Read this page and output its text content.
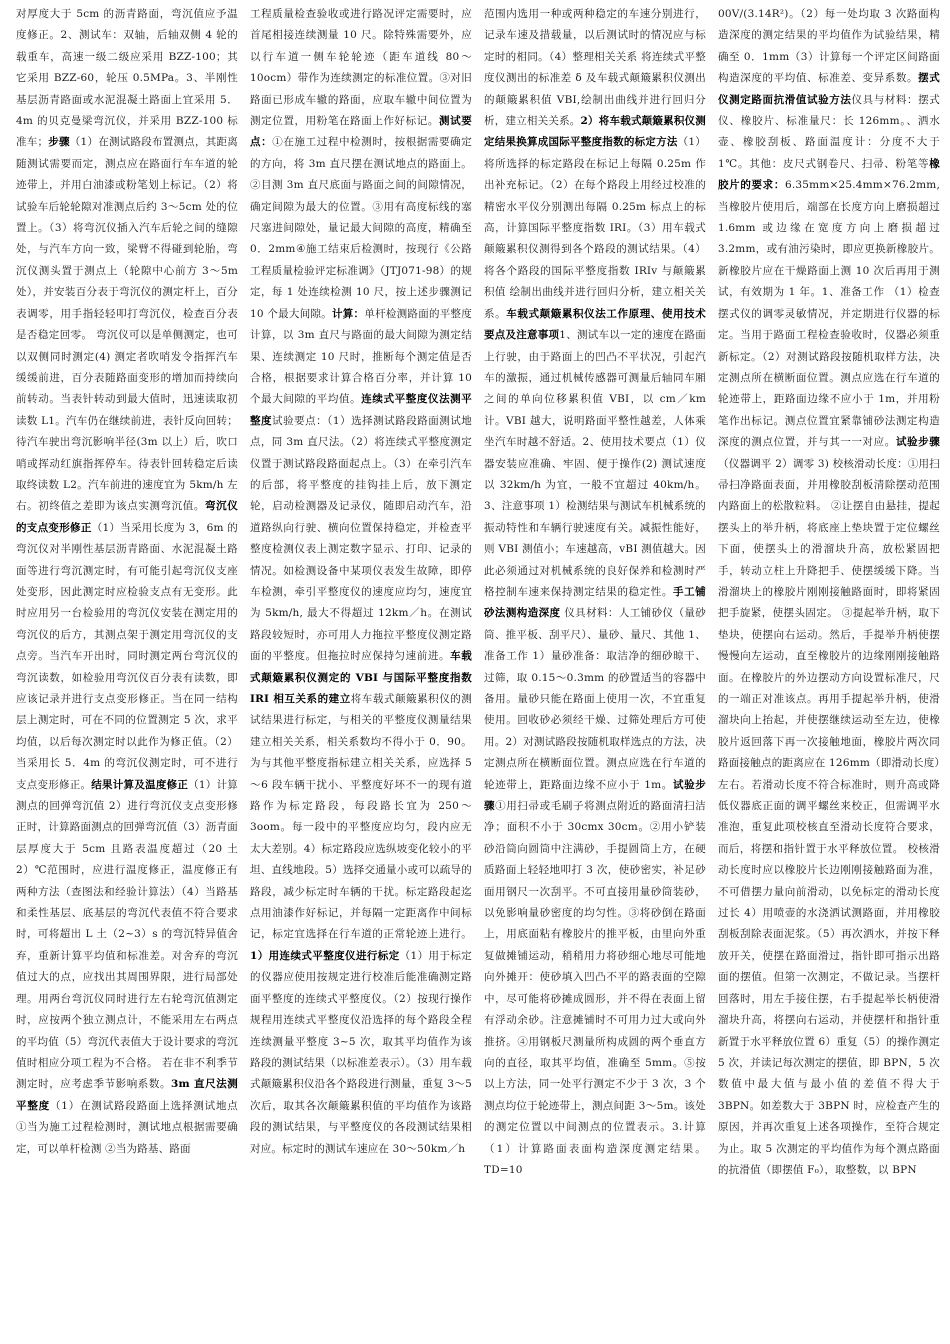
对厚度大于 5cm 的沥青路面，弯沉值应予温度修正。2、测试车：双轴，后轴双侧 4 轮的载重车，高速一级二级应采用 BZZ-100；其它采用 BZZ-60，轮压 0.5MPa。3、半刚性基层沥青路面或水泥混凝土路面上宜采用 5．4m 的贝克曼梁弯沉仪，并采用 BZZ-100 标准车；步骤（1）在测试路段布置测点，其距离随测试需要而定，测点应在路面行车车道的轮迹带上，并用白油漆或粉笔划上标记。（2）将试验车后轮轮隙对准测点后约 3～5cm 处的位置上。（3）将弯沉仪插入汽车后轮之间的缝隙处，与汽车方向一致，梁臂不得碰到轮胎，弯沉仪测头置于测点上（轮隙中心前方 3～5m 处），并安装百分表于弯沉仪的测定杆上，百分表调零，用手指轻轻叩打弯沉仪，检查百分表是否稳定回零。 弯沉仪可以是单侧测定，也可以双侧同时测定(4) 测定者吹哨发令指挥汽车缓缓前进，百分表随路面变形的增加而持续向前转动。当表针转动到最大值时，迅速读取初读数 L1。汽车仍在继续前进，表针反向回转；待汽车驶出弯沉影响半径(3m 以上）后，吹口哨或挥动红旗指挥停车。待表针回转稳定后读取终读数 L2。汽车前进的速度宜为 5km/h 左右。初终值之差即为该点实测弯沉值。弯沉仪的支点变形修正（1）当采用长度为 3，6m 的弯沉仪对半刚性基层沥青路面、水泥混凝土路面等进行弯沉测定时，有可能引起弯沉仪支座处变形，因此测定时应检验支点有无变形。此时应用另一台检验用的弯沉仪安装在测定用的弯沉仪的后方，其测点架于测定用弯沉仪的支点旁。当汽车开出时，同时测定两台弯沉仪的弯沉读数，如检验用弯沉仪百分表有读数，即应该记录并进行支点变形修正。当在同一结构层上测定时，可在不同的位置测定 5 次，求平均值，以后每次测定时以此作为修正值。（2）当采用长 5．4m 的弯沉仪测定时，可不进行支点变形修正。结果计算及温度修正（1）计算测点的回弹弯沉值 2）进行弯沉仪支点变形修正时，计算路面测点的回弹弯沉值（3）沥青面层厚度大于 5cm 且路表温度超过（20 土 2）℃范围时，应进行温度修正，温度修正有两种方法（查图法和经验计算法）（4）当路基和柔性基层、底基层的弯沉代表值不符合要求时，可将超出 L 土（2~3）s 的弯沉特异值舍弃，重新计算平均值和标准差。对舍弃的弯沉值过大的点，应找出其周围界限，进行局部处理。用两台弯沉仪同时进行左右轮弯沉值测定时，应按两个独立测点计，不能采用左右两点的平均值（5）弯沉代表值大于设计要求的弯沉值时相应分项工程为不合格。 若在非不利季节测定时，应考虑季节影响系数。3m 直尺法测平整度（1）在测试路段路面上选择测试地点 ①当为施工过程检测时，测试地点根据需要确定，可以单杆检测 ②当为路基、路面
工程质量检查验收或进行路况评定需要时，应首尾相接连续测量 10 尺。除特殊需要外，应以行车道一侧车轮轮迹（距车道线 80～10ocm）带作为连续测定的标准位置。③对旧路面已形成车辙的路面，应取车辙中间位置为测定位置，用粉笔在路面上作好标记。测试要点：①在施工过程中检测时，按根据需要确定的方向，将 3m 直尺摆在测试地点的路面上。②目测 3m 直尺底面与路面之间的间隙情况，确定间隙为最大的位置。③用有高度标线的塞尺塞进间隙处，量记最大间隙的高度，精确至 0．2mm④施工结束后检测时，按现行《公路工程质量检验评定标准调》（JTJ071-98）的规定，每 1 处连续检测 10 尺，按上述步骤测记 10 个最大间隙。计算：单杆检测路面的平整度计算，以 3m 直尺与路面的最大间隙为测定结果、连续测定 10 尺时，推断每个测定值是否合格，根据要求计算合格百分率，并计算 10 个最大间隙的平均值。连续式平整度仪法测平整度试验要点：（1）选择测试路段路面测试地点，同 3m 直尺法。（2）将连续式平整度测定仪置于测试路段路面起点上。（3）在牵引汽车的后部，将平整度的挂钩挂上后，放下测定轮，启动检测器及记录仪，随即启动汽车，沿道路纵向行驶、横向位置保持稳定，并检查平整度检测仪表上测定数字显示、打印、记录的情况。如检测设备中某项仪表发生故障，即停车检测，牵引平整度仪的速度应均匀，速度宜为 5km/h, 最大不得超过 12km／h。在测试路段较短时，亦可用人力拖拉平整度仪测定路面的平整度。但拖拉时应保持匀速前进。车载式颠簸累积仪测定的 VBI 与国际平整度指数 IRI 相互关系的建立将车载式颠簸累积仪的测试结果进行标定，与相关的平整度仪测量结果建立相关关系，相关系数均不得小于 0．90。 为与其他平整度指标建立相关关系，应选择 5～6 段车辆干扰小、平整度好坏不一的现有道路作为标定路段，每段路长宜为 250～3oom。每一段中的平整度应均匀，段内应无太大差别。4）标定路段应选纵坡变化较小的平坦、直线地段。5）选择交通量小或可以疏导的路段，减少标定时车辆的干扰。标定路段起迄点用油漆作好标记，并每隔一定距离作中间标记，标定宜选择在行车道的正常轮迹上进行。1）用连续式平整度仪进行标定（1）用于标定的仪器应使用按规定进行校准后能准确测定路面平整度的连续式平整度仪。（2）按现行操作规程用连续式平整度仪沿选择的每个路段全程连续测量平整度 3~5 次，取其平均值作为该路段的测试结果（以标准差表示）。（3）用车载式颠簸累积仪沿各个路段进行测量，重复 3～5 次后，取其各次颠簸累积值的平均值作为该路段的测试结果，与平整度仪的各段测试结果相对应。标定时的测试车速应在 30～50km／h
范围内选用一种或两种稳定的车速分别进行，记录车速及措载量，以后测试时的情况应与标定时的相同。（4）整理相关关系 将连续式平整度仪测出的标准差 δ 及车载式颠簸累积仪测出的颠簸累积值 VBI,绘制出曲线并进行回归分析，建立相关关系。2）将车载式颠簸累积仪测定结果换算成国际平整度指数的标定方法（1）将所选择的标定路段在标记上每隔 0.25m 作出补充标记。（2）在每个路段上用经过校准的精密水平仪分别测出每隔 0.25m 标点上的标高，计算国际平整度指数 IRI。（3）用车载式颠簸累积仪测得到各个路段的测试结果。（4）将各个路段的国际平整度指数 IRIv 与颠簸累积值 绘制出曲线并进行回归分析，建立相关关系。车载式颠簸累积仪法工作原理、使用技术要点及注意事项1、测试车以一定的速度在路面上行驶，由于路面上的凹凸不平状况，引起汽车的激振，通过机械传感器可测量后轴同车厢之间的单向位移累积值 VBI，以 cm／km 计。VBI 越大，说明路面平整性越差，人体乘坐汽车时越不舒适。2、使用技术要点（1）仪器安装应准确、牢固、便于操作(2) 测试速度以 32km/h 为宜，一般不宜超过 40km/h。3、注意事项 1）检测结果与测试车机械系统的振动特性和车辆行驶速度有关。减振性能好，则 VBI 测值小；车速越高，vBI 测值越大。因此必须通过对机械系统的良好保养和检测时严格控制车速来保持测定结果的稳定性。手工铺砂法测构造深度 仪具材料：人工铺砂仪（量砂筒、推平板、刮平尺）、量砂、量尺、其他 1、准备工作 1）量砂准备：取洁净的细砂晾干、过筛，取 0.15～0.3mm 的砂置适当的容器中备用。量砂只能在路面上使用一次，不宜重复使用。回收砂必须经干燥、过筛处理后方可使用。2）对测试路段按随机取样选点的方法，决定测点所在横断面位置。测点应选在行车道的轮迹带上，距路面边缘不应小于 1m。试验步骤①用扫帚或毛刷子将测点附近的路面清扫洁净；面积不小于 30cmx 30cm。②用小铲装砂沿筒向圆筒中注满砂，手提圆筒上方，在硬质路面上轻轻地叩打 3 次，使砂密实，补足砂面用钢尺一次刮平。不可直接用量砂筒装砂，以免影响量砂密度的均匀性。③将砂倒在路面上，用底面粘有橡胶片的推平板，由里向外重复做摊铺运动，稍稍用力将砂细心地尽可能地向外摊开：使砂填入凹凸不平的路表面的空隙中，尽可能将砂摊成圆形，并不得在表面上留有浮动余砂。注意摊铺时不可用力过大或向外推挤。④用钢板尺测量所构成圆的两个垂直方向的直径，取其平均值，准确至 5mm。⑤按以上方法，同一处平行测定不少于 3 次，3 个测点均位于轮迹带上，测点间距 3～5m。该处的测定位置以中间测点的位置表示。3.计算 （1）计算路面表面构造深度测定结果。TD=10
00V/(3.14R²)。（2）每一处均取 3 次路面构造深度的测定结果的平均值作为试验结果，精确至 0．1mm（3）计算每一个评定区间路面构造深度的平均值、标准差、变异系数。摆式仪测定路面抗滑值试验方法仪具与材料：摆式仪、橡胶片、标准量尺：长 126mm。、洒水壶、橡胶刮板、路面温度计：分度不大于 1℃。其他：皮尺式钢卷尺、扫帚、粉笔等橡胶片的要求：6.35mm×25.4mm×76.2mm, 当橡胶片使用后，端部在长度方向上磨损超过 1.6mm 或边缘在宽度方向上磨损超过 3.2mm，或有油污染时，即应更换新橡胶片。新橡胶片应在干燥路面上测 10 次后再用于测试，有效期为 1 年。1、准备工作 （1）检查摆式仪的调零灵敏情况，并定期进行仪器的标定。当用于路面工程检查验收时，仪器必须重新标定。（2）对测试路段按随机取样方法，决定测点所在横断面位置。测点应选在行车道的轮迹带上，距路面边缘不应小于 1m，并用粉笔作出标记。测点位置宜紧靠铺砂法测定构造深度的测点位置，并与其一一对应。试验步骤（仪器调平 2）调零 3) 校核滑动长度：①用扫帚扫净路面表面，并用橡胶刮板清除摆动范围内路面上的松散粒料。 ②让摆自由悬挂，提起摆头上的举升柄，将底座上垫块置于定位螺丝下面，使摆头上的滑溜块升高，放松紧固把手，转动立柱上升降把手、使摆缓缓下降。当滑溜块上的橡胶片刚刚接触路面时，即将紧固把手旋紧，使摆头固定。 ③提起举升柄，取下垫块，使摆向右运动。然后，手提举升柄使摆慢慢向左运动，直至橡胶片的边缘刚刚接触路面。在橡胶片的外边摆动方向设置标准尺，尺的一端正对准该点。再用手提起举升柄，使滑溜块向上抬起，并使摆继续运动至左边，使橡胶片返回落下再一次接触地面，橡胶片两次同路面接触点的距离应在 126mm（即滑动长度）左右。若滑动长度不符合标准时，则升高或降低仪器底正面的调平螺丝来校正，但需调平水准泡，重复此项校核直至滑动长度符合要求，而后，将摆和指针置于水平释放位置。 校核滑动长度时应以橡胶片长边刚刚接触路面为准，不可借摆力量向前滑动，以免标定的滑动长度过长 4）用喷壶的水浇洒试测路面，并用橡胶刮板刮除表面泥浆。（5）再次洒水，并按下释放开关，使摆在路面滑过，指针即可指示出路面的摆值。但第一次测定，不做记录。当摆杆回落时，用左手接住摆，右手提起举长柄使滑溜块升高，将摆向右运动，并使摆杆和指针重新置于水平释放位置 6）重复（5）的操作测定 5 次，并读记每次测定的摆值，即 BPN，5 次数值中最大值与最小值的差值不得大于 3BPN。如差数大于 3BPN 时，应检查产生的原因，并再次重复上述各项操作，至符合规定为止。取 5 次测定的平均值作为每个测点路面的抗滑值（即摆值 F₀），取整数，以 BPN
